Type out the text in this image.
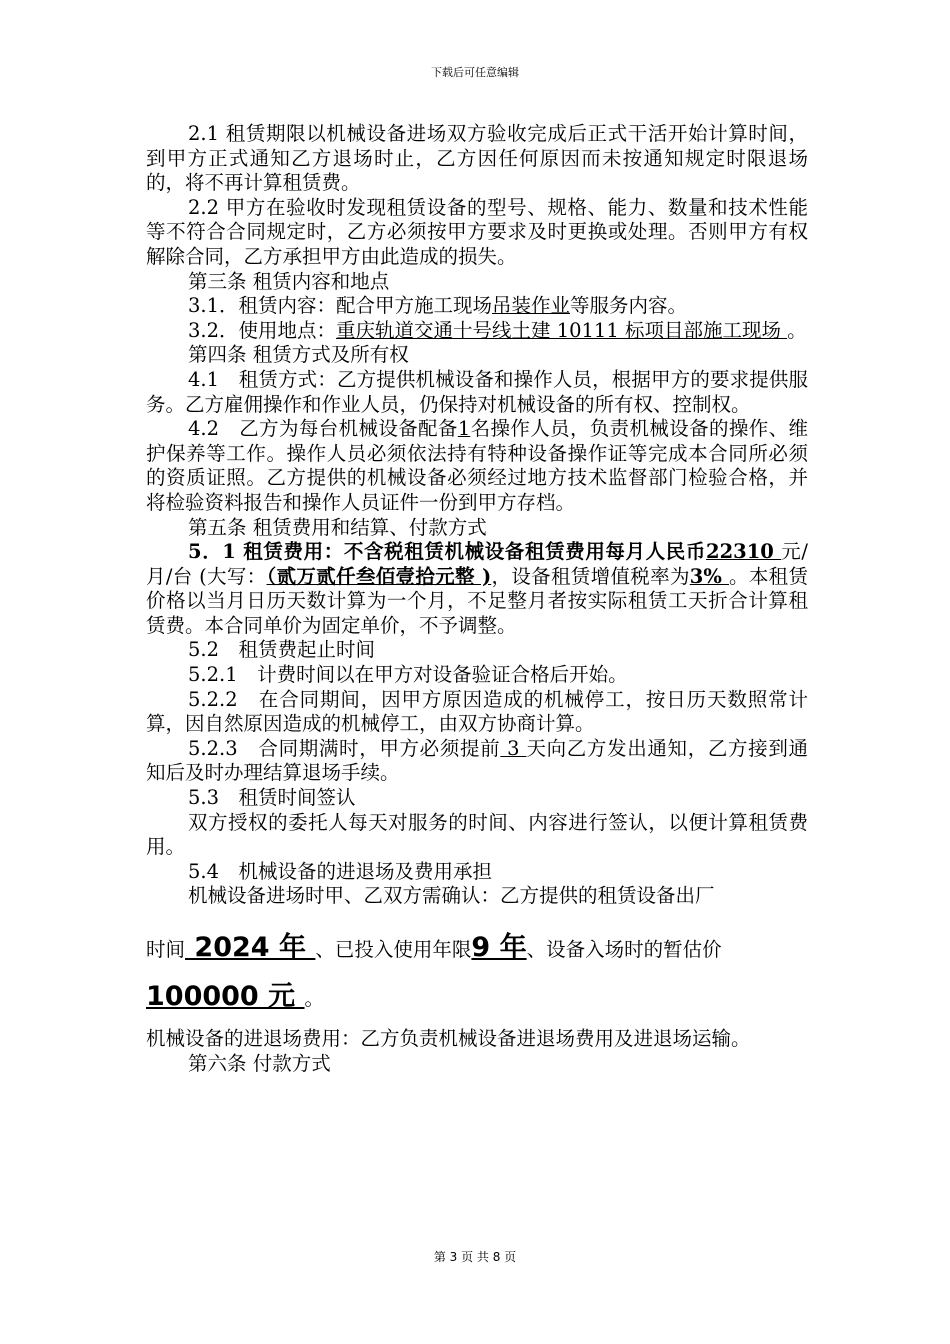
下载后可任意编辑

2.1 租赁期限以机械设备进场双方验收完成后正式干活开始计算时间，到甲方正式通知乙方退场时止，乙方因任何原因而未按通知规定时限退场的，将不再计算租赁费。

2.2 甲方在验收时发现租赁设备的型号、规格、能力、数量和技术性能等不符合合同规定时，乙方必须按甲方要求及时更换或处理。否则甲方有权解除合同，乙方承担甲方由此造成的损失。

第三条 租赁内容和地点

3.1．租赁内容：配合甲方施工现场吊装作业等服务内容。

3.2．使用地点：重庆轨道交通十号线土建 10111 标项目部施工现场 。

第四条 租赁方式及所有权

4.1　租赁方式：乙方提供机械设备和操作人员，根据甲方的要求提供服务。乙方雇佣操作和作业人员，仍保持对机械设备的所有权、控制权。

4.2　乙方为每台机械设备配备1名操作人员，负责机械设备的操作、维护保养等工作。操作人员必须依法持有特种设备操作证等完成本合同所必须的资质证照。乙方提供的机械设备必须经过地方技术监督部门检验合格，并将检验资料报告和操作人员证件一份到甲方存档。

第五条 租赁费用和结算、付款方式

5．1 租赁费用：不含税租赁机械设备租赁费用每月人民币22310 元/月/台 (大写：（贰万贰仟叁佰壹拾元整 )，设备租赁增值税率为3% 。本租赁价格以当月日历天数计算为一个月，不足整月者按实际租赁工天折合计算租赁费。本合同单价为固定单价，不予调整。

5.2　租赁费起止时间

5.2.1　计费时间以在甲方对设备验证合格后开始。

5.2.2　在合同期间，因甲方原因造成的机械停工，按日历天数照常计算，因自然原因造成的机械停工，由双方协商计算。

5.2.3　合同期满时，甲方必须提前 3 天向乙方发出通知，乙方接到通知后及时办理结算退场手续。

5.3　租赁时间签认

双方授权的委托人每天对服务的时间、内容进行签认，以便计算租赁费用。

5.4　机械设备的进退场及费用承担

机械设备进场时甲、乙双方需确认：乙方提供的租赁设备出厂

时间 2024 年 、已投入使用年限9 年、设备入场时的暂估价

100000 元 。

机械设备的进退场费用：乙方负责机械设备进退场费用及进退场运输。

第六条 付款方式

第 3 页 共 8 页
